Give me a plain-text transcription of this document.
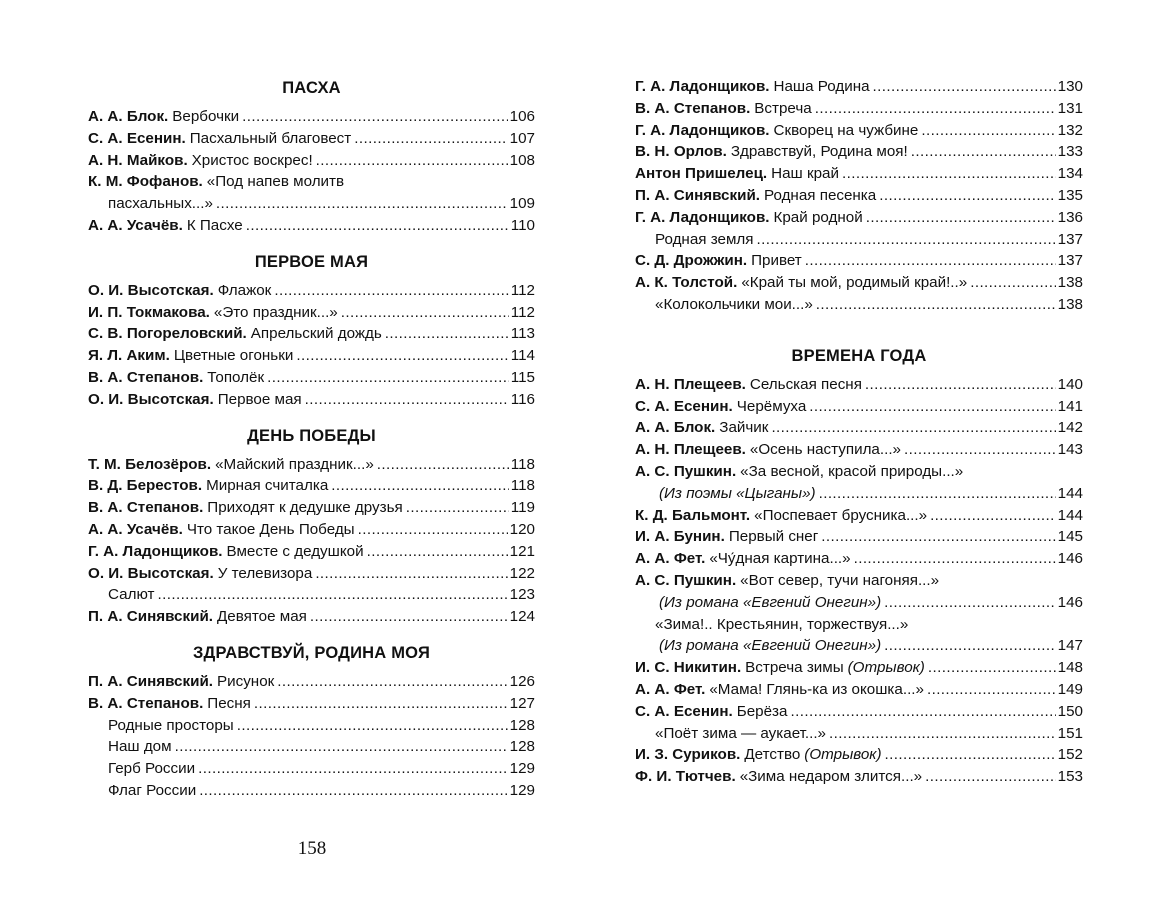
ПАСХА
А. А. Блок. Вербочки .....	106
С. А. Есенин. Пасхальный благовест .....	107
А. Н. Майков. Христос воскрес! .....	108
К. М. Фофанов. «Под напев молитв
пасхальных...» .....	109
А. А. Усачёв. К Пасхе .....	110
ПЕРВОЕ МАЯ
О. И. Высотская. Флажок .....	112
И. П. Токмакова. «Это праздник...» .....	112
С. В. Погореловский. Апрельский дождь .....	113
Я. Л. Аким. Цветные огоньки .....	114
В. А. Степанов. Тополёк .....	115
О. И. Высотская. Первое мая .....	116
ДЕНЬ ПОБЕДЫ
Т. М. Белозёров. «Майский праздник...» .....	118
В. Д. Берестов. Мирная считалка .....	118
В. А. Степанов. Приходят к дедушке друзья .....	119
А. А. Усачёв. Что такое День Победы .....	120
Г. А. Ладонщиков. Вместе с дедушкой .....	121
О. И. Высотская. У телевизора .....	122
Салют .....	123
П. А. Синявский. Девятое мая .....	124
ЗДРАВСТВУЙ, РОДИНА МОЯ
П. А. Синявский. Рисунок .....	126
В. А. Степанов. Песня .....	127
Родные просторы .....	128
Наш дом .....	128
Герб России .....	129
Флаг России .....	129
Г. А. Ладонщиков. Наша Родина .....	130
В. А. Степанов. Встреча .....	131
Г. А. Ладонщиков. Скворец на чужбине .....	132
В. Н. Орлов. Здравствуй, Родина моя! .....	133
Антон Пришелец. Наш край .....	134
П. А. Синявский. Родная песенка .....	135
Г. А. Ладонщиков. Край родной .....	136
Родная земля .....	137
С. Д. Дрожжин. Привет .....	137
А. К. Толстой. «Край ты мой, родимый край!..» .....	138
«Колокольчики мои...» .....	138
ВРЕМЕНА ГОДА
А. Н. Плещеев. Сельская песня .....	140
С. А. Есенин. Черёмуха .....	141
А. А. Блок. Зайчик .....	142
А. Н. Плещеев. «Осень наступила...» .....	143
А. С. Пушкин. «За весной, красой природы...»
(Из поэмы «Цыганы») .....	144
К. Д. Бальмонт. «Поспевает брусника...» .....	144
И. А. Бунин. Первый снег .....	145
А. А. Фет. «Чу́дная картина...» .....	146
А. С. Пушкин. «Вот север, тучи нагоняя...»
(Из романа «Евгений Онегин») .....	146
«Зима!.. Крестьянин, торжествуя...»
(Из романа «Евгений Онегин») .....	147
И. С. Никитин. Встреча зимы (Отрывок) .....	148
А. А. Фет. «Мама! Глянь-ка из окошка...» .....	149
С. А. Есенин. Берёза .....	150
«Поёт зима — аукает...» .....	151
И. З. Суриков. Детство (Отрывок) .....	152
Ф. И. Тютчев. «Зима недаром злится...» .....	153
158
